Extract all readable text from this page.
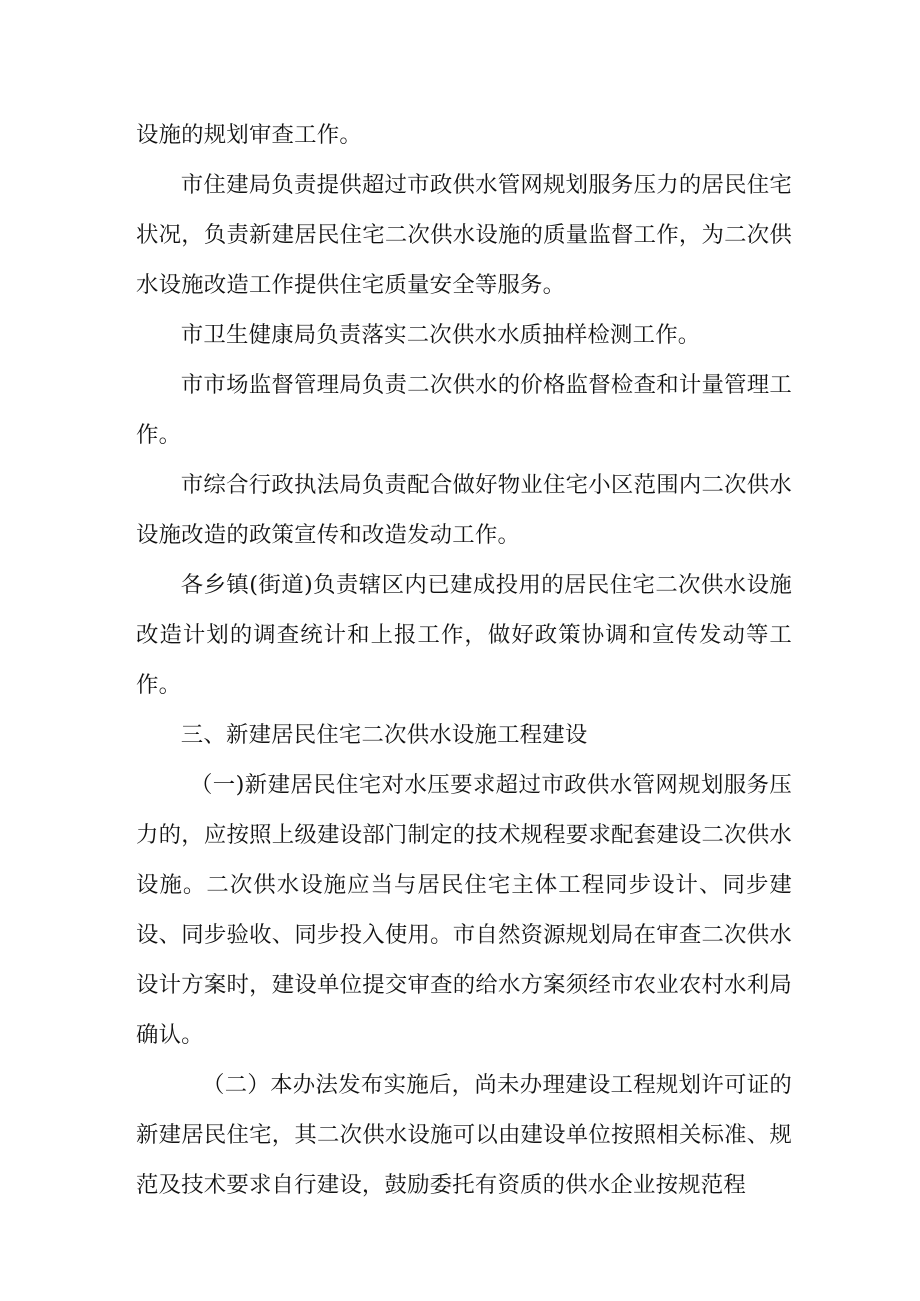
设施的规划审查工作。

市住建局负责提供超过市政供水管网规划服务压力的居民住宅状况，负责新建居民住宅二次供水设施的质量监督工作，为二次供水设施改造工作提供住宅质量安全等服务。

市卫生健康局负责落实二次供水水质抽样检测工作。

市市场监督管理局负责二次供水的价格监督检查和计量管理工作。

市综合行政执法局负责配合做好物业住宅小区范围内二次供水设施改造的政策宣传和改造发动工作。

各乡镇(街道)负责辖区内已建成投用的居民住宅二次供水设施改造计划的调查统计和上报工作，做好政策协调和宣传发动等工作。

三、新建居民住宅二次供水设施工程建设

（一)新建居民住宅对水压要求超过市政供水管网规划服务压力的，应按照上级建设部门制定的技术规程要求配套建设二次供水设施。二次供水设施应当与居民住宅主体工程同步设计、同步建设、同步验收、同步投入使用。市自然资源规划局在审查二次供水设计方案时，建设单位提交审查的给水方案须经市农业农村水利局确认。

（二）本办法发布实施后，尚未办理建设工程规划许可证的新建居民住宅，其二次供水设施可以由建设单位按照相关标准、规范及技术要求自行建设，鼓励委托有资质的供水企业按规范程
